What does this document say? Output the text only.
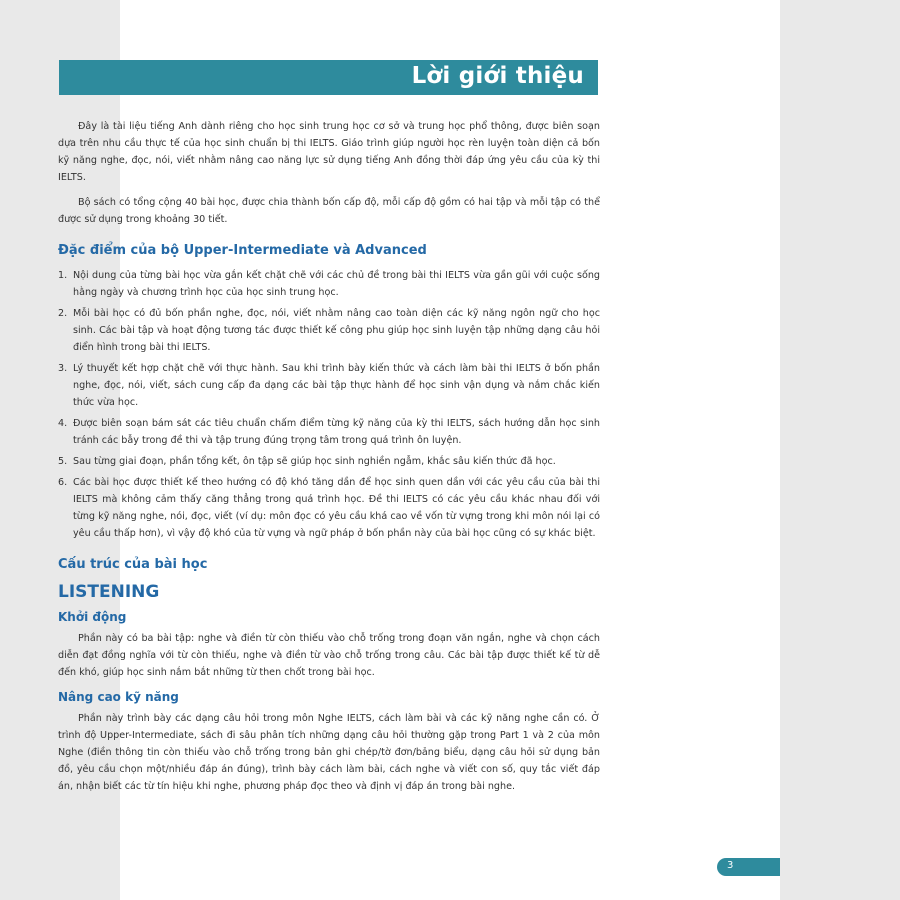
Lời giới thiệu

Đây là tài liệu tiếng Anh dành riêng cho học sinh trung học cơ sở và trung học phổ thông, được biên soạn dựa trên nhu cầu thực tế của học sinh chuẩn bị thi IELTS. Giáo trình giúp người học rèn luyện toàn diện cả bốn kỹ năng nghe, đọc, nói, viết nhằm nâng cao năng lực sử dụng tiếng Anh đồng thời đáp ứng yêu cầu của kỳ thi IELTS.

Bộ sách có tổng cộng 40 bài học, được chia thành bốn cấp độ, mỗi cấp độ gồm có hai tập và mỗi tập có thể được sử dụng trong khoảng 30 tiết.

Đặc điểm của bộ Upper-Intermediate và Advanced
1. Nội dung của từng bài học vừa gắn kết chặt chẽ với các chủ đề trong bài thi IELTS vừa gần gũi với cuộc sống hằng ngày và chương trình học của học sinh trung học.
2. Mỗi bài học có đủ bốn phần nghe, đọc, nói, viết nhằm nâng cao toàn diện các kỹ năng ngôn ngữ cho học sinh. Các bài tập và hoạt động tương tác được thiết kế công phu giúp học sinh luyện tập những dạng câu hỏi điển hình trong bài thi IELTS.
3. Lý thuyết kết hợp chặt chẽ với thực hành. Sau khi trình bày kiến thức và cách làm bài thi IELTS ở bốn phần nghe, đọc, nói, viết, sách cung cấp đa dạng các bài tập thực hành để học sinh vận dụng và nắm chắc kiến thức vừa học.
4. Được biên soạn bám sát các tiêu chuẩn chấm điểm từng kỹ năng của kỳ thi IELTS, sách hướng dẫn học sinh tránh các bẫy trong đề thi và tập trung đúng trọng tâm trong quá trình ôn luyện.
5. Sau từng giai đoạn, phần tổng kết, ôn tập sẽ giúp học sinh nghiền ngẫm, khắc sâu kiến thức đã học.
6. Các bài học được thiết kế theo hướng có độ khó tăng dần để học sinh quen dần với các yêu cầu của bài thi IELTS mà không cảm thấy căng thẳng trong quá trình học. Đề thi IELTS có các yêu cầu khác nhau đối với từng kỹ năng nghe, nói, đọc, viết (ví dụ: môn đọc có yêu cầu khá cao về vốn từ vựng trong khi môn nói lại có yêu cầu thấp hơn), vì vậy độ khó của từ vựng và ngữ pháp ở bốn phần này của bài học cũng có sự khác biệt.
Cấu trúc của bài học
LISTENING
Khởi động

Phần này có ba bài tập: nghe và điền từ còn thiếu vào chỗ trống trong đoạn văn ngắn, nghe và chọn cách diễn đạt đồng nghĩa với từ còn thiếu, nghe và điền từ vào chỗ trống trong câu. Các bài tập được thiết kế từ dễ đến khó, giúp học sinh nắm bắt những từ then chốt trong bài học.

Nâng cao kỹ năng

Phần này trình bày các dạng câu hỏi trong môn Nghe IELTS, cách làm bài và các kỹ năng nghe cần có. Ở trình độ Upper-Intermediate, sách đi sâu phân tích những dạng câu hỏi thường gặp trong Part 1 và 2 của môn Nghe (điền thông tin còn thiếu vào chỗ trống trong bản ghi chép/tờ đơn/bảng biểu, dạng câu hỏi sử dụng bản đồ, yêu cầu chọn một/nhiều đáp án đúng), trình bày cách làm bài, cách nghe và viết con số, quy tắc viết đáp án, nhận biết các từ tín hiệu khi nghe, phương pháp đọc theo và định vị đáp án trong bài nghe.

3
